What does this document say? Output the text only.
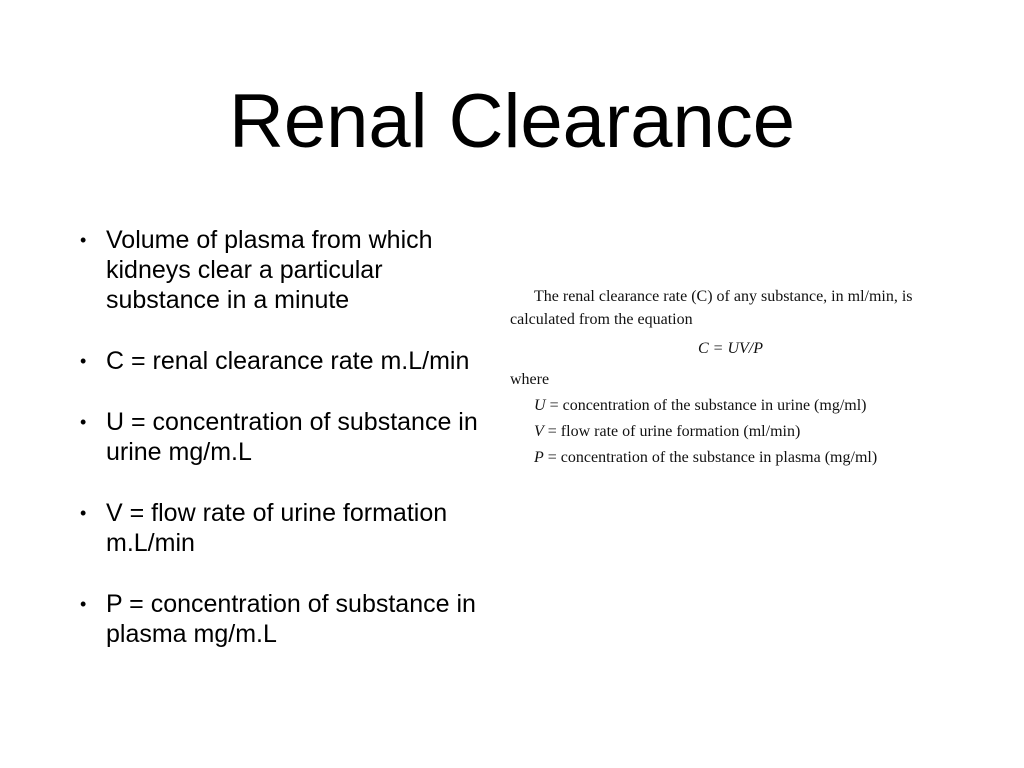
Renal Clearance
• Volume of plasma from which kidneys clear a particular substance in a minute
• C = renal clearance rate m.L/min
• U = concentration of substance in urine mg/m.L
• V = flow rate of urine formation m.L/min
• P = concentration of substance in plasma mg/m.L

The renal clearance rate (C) of any substance, in ml/min, is calculated from the equation

C = UV/P

where

U = concentration of the substance in urine (mg/ml)

V = flow rate of urine formation (ml/min)

P = concentration of the substance in plasma (mg/ml)
